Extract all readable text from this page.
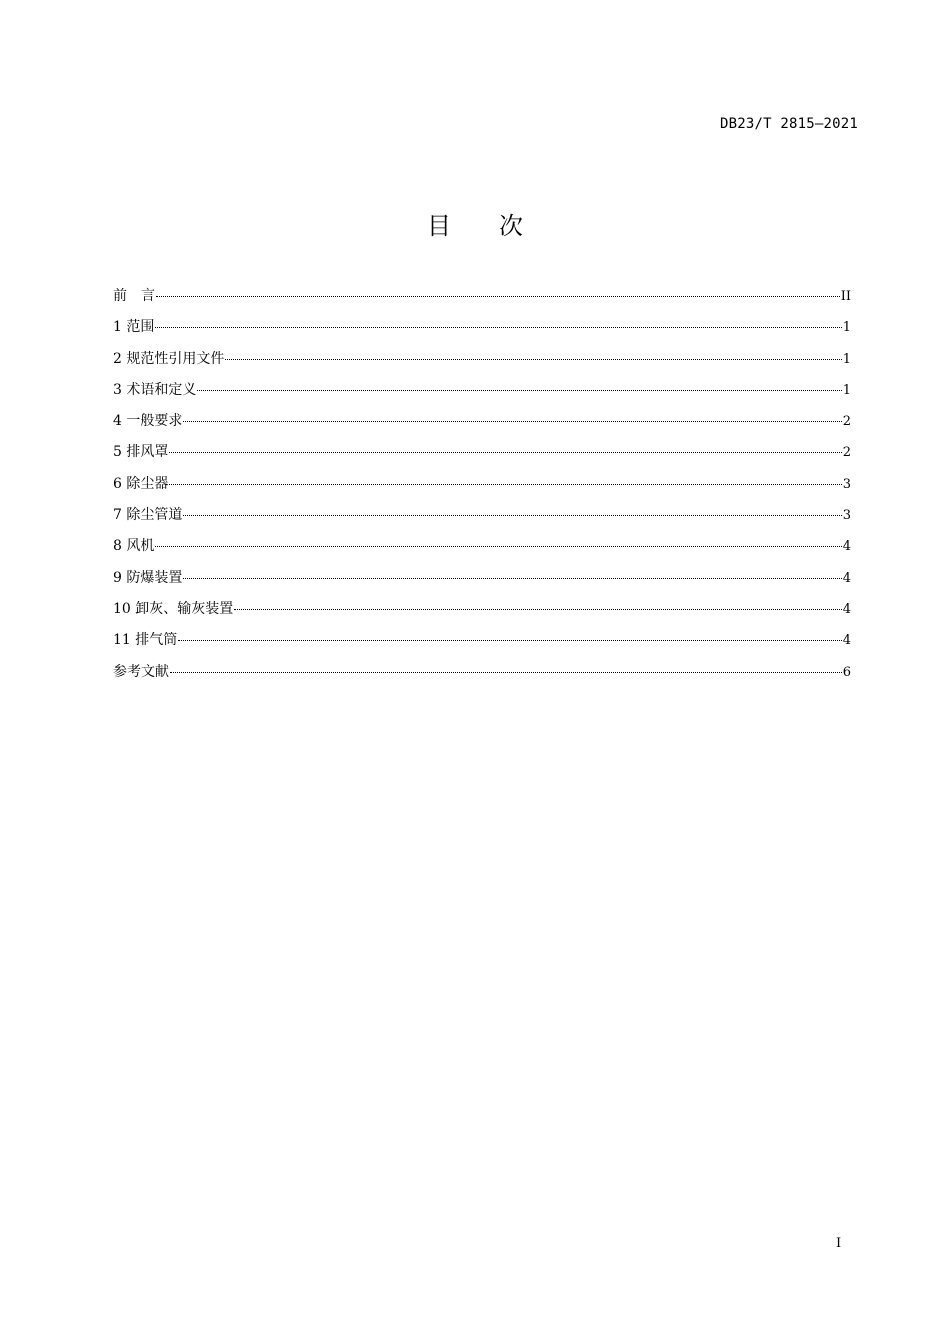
DB23/T 2815—2021
目次
前　言	II
1 范围	1
2 规范性引用文件	1
3 术语和定义	1
4 一般要求	2
5 排风罩	2
6 除尘器	3
7 除尘管道	3
8 风机	4
9 防爆装置	4
10 卸灰、输灰装置	4
11 排气筒	4
参考文献	6
I
